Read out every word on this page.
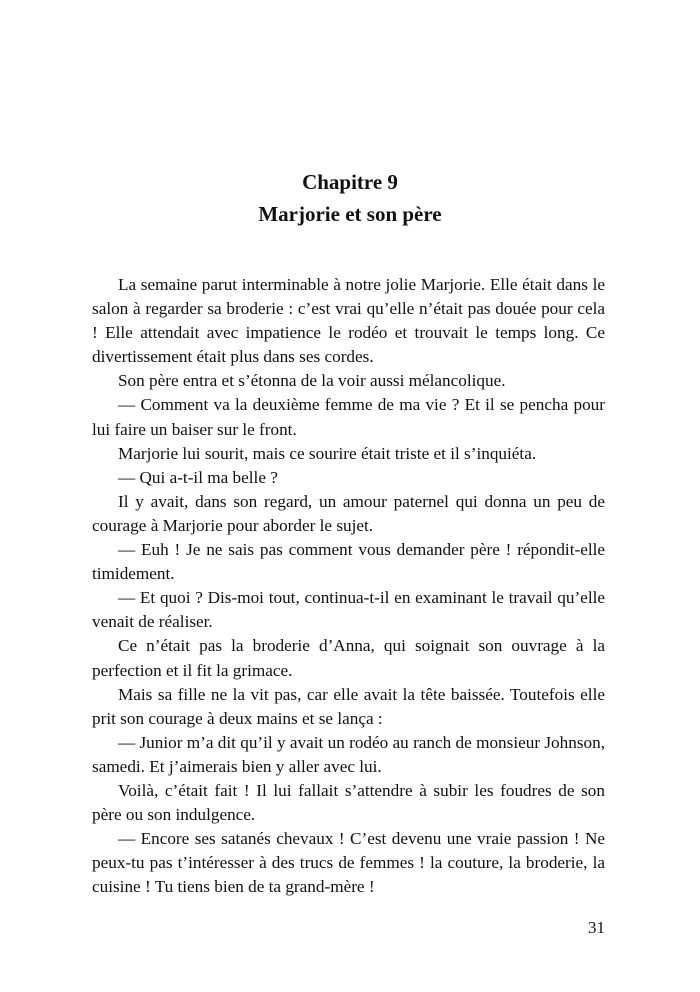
Chapitre 9
Marjorie et son père

La semaine parut interminable à notre jolie Marjorie. Elle était dans le salon à regarder sa broderie : c’est vrai qu’elle n’était pas douée pour cela ! Elle attendait avec impatience le rodéo et trouvait le temps long. Ce divertissement était plus dans ses cordes.

Son père entra et s’étonna de la voir aussi mélancolique.

— Comment va la deuxième femme de ma vie ? Et il se pencha pour lui faire un baiser sur le front.

Marjorie lui sourit, mais ce sourire était triste et il s’inquiéta.

— Qui a-t-il ma belle ?

Il y avait, dans son regard, un amour paternel qui donna un peu de courage à Marjorie pour aborder le sujet.

— Euh ! Je ne sais pas comment vous demander père ! répondit-elle timidement.

— Et quoi ? Dis-moi tout, continua-t-il en examinant le travail qu’elle venait de réaliser.

Ce n’était pas la broderie d’Anna, qui soignait son ouvrage à la perfection et il fit la grimace.

Mais sa fille ne la vit pas, car elle avait la tête baissée. Toutefois elle prit son courage à deux mains et se lança :

— Junior m’a dit qu’il y avait un rodéo au ranch de monsieur Johnson, samedi. Et j’aimerais bien y aller avec lui.

Voilà, c’était fait ! Il lui fallait s’attendre à subir les foudres de son père ou son indulgence.

— Encore ses satanés chevaux ! C’est devenu une vraie passion ! Ne peux-tu pas t’intéresser à des trucs de femmes ! la couture, la broderie, la cuisine ! Tu tiens bien de ta grand-mère !

31
